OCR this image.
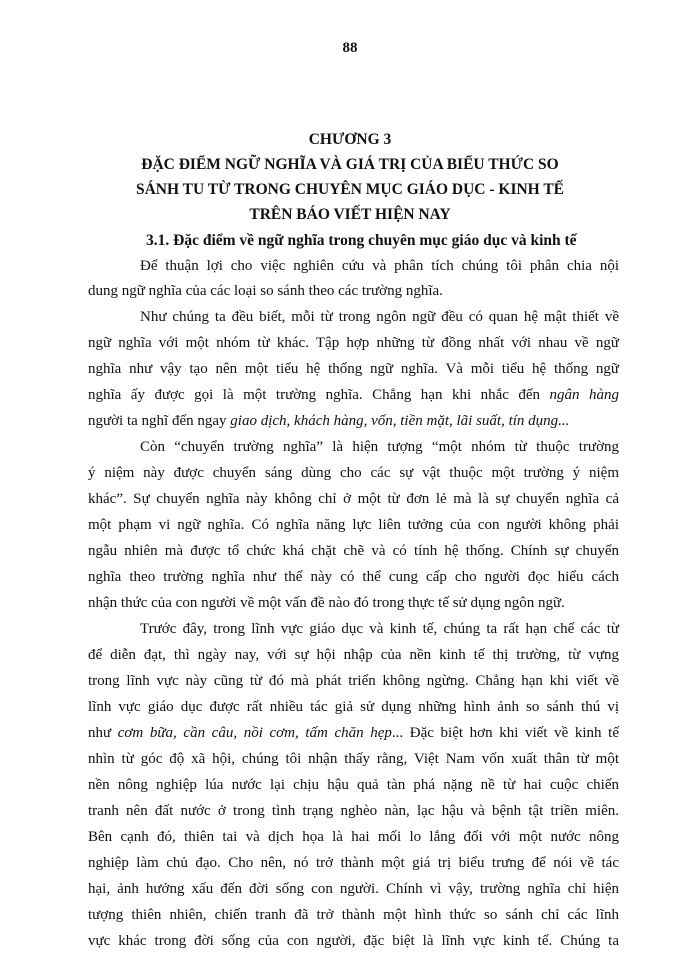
88
CHƯƠNG 3
ĐẶC ĐIỂM NGỮ NGHĨA VÀ GIÁ TRỊ CỦA BIỂU THỨC SO
SÁNH TU TỪ TRONG CHUYÊN MỤC GIÁO DỤC - KINH TẾ
TRÊN BÁO VIẾT HIỆN NAY
3.1. Đặc điểm về ngữ nghĩa trong chuyên mục giáo dục và kinh tế
Để thuận lợi cho việc nghiên cứu và phân tích chúng tôi phân chia nội
dung ngữ nghĩa của các loại so sánh theo các trường nghĩa.
Như chúng ta đều biết, mỗi từ trong ngôn ngữ đều có quan hệ mật thiết về
ngữ nghĩa với một nhóm từ khác. Tập hợp những từ đồng nhất với nhau về ngữ
nghĩa như vậy tạo nên một tiểu hệ thống ngữ nghĩa. Và mỗi tiểu hệ thống ngữ
nghĩa ấy được gọi là một trường nghĩa. Chẳng hạn khi nhắc đến ngân hàng
người ta nghĩ đến ngay giao dịch, khách hàng, vốn, tiền mặt, lãi suất, tín dụng...
Còn “chuyển trường nghĩa” là hiện tượng “một nhóm từ thuộc trường
ý niệm này được chuyển sáng dùng cho các sự vật thuộc một trường ý niệm
khác”. Sự chuyển nghĩa này không chỉ ở một từ đơn lẻ mà là sự chuyển nghĩa cả
một phạm vi ngữ nghĩa. Có nghĩa năng lực liên tưởng của con người không phải
ngẫu nhiên mà được tổ chức khá chặt chẽ và có tính hệ thống. Chính sự chuyển
nghĩa theo trường nghĩa như thế này có thể cung cấp cho người đọc hiểu cách
nhận thức của con người về một vấn đề nào đó trong thực tế sử dụng ngôn ngữ.
Trước đây, trong lĩnh vực giáo dục và kinh tế, chúng ta rất hạn chế các từ
để diễn đạt, thì ngày nay, với sự hội nhập của nền kinh tế thị trường, từ vựng
trong lĩnh vực này cũng từ đó mà phát triển không ngừng. Chẳng hạn khi viết về
lĩnh vực giáo dục được rất nhiều tác giả sử dụng những hình ảnh so sánh thú vị
như cơm bữa, cần câu, nồi cơm, tấm chăn hẹp... Đặc biệt hơn khi viết về kinh tế
nhìn từ góc độ xã hội, chúng tôi nhận thấy rằng, Việt Nam vốn xuất thân từ một
nền nông nghiệp lúa nước lại chịu hậu quả tàn phá nặng nề từ hai cuộc chiến
tranh nên đất nước ở trong tình trạng nghèo nàn, lạc hậu và bệnh tật triền miên.
Bên cạnh đó, thiên tai và dịch họa là hai mối lo lắng đối với một nước nông
nghiệp làm chủ đạo. Cho nên, nó trở thành một giá trị biểu trưng để nói về tác
hại, ảnh hưởng xấu đến đời sống con người. Chính vì vậy, trường nghĩa chỉ hiện
tượng thiên nhiên, chiến tranh đã trở thành một hình thức so sánh chỉ các lĩnh
vực khác trong đời sống của con người, đặc biệt là lĩnh vực kinh tế. Chúng ta
